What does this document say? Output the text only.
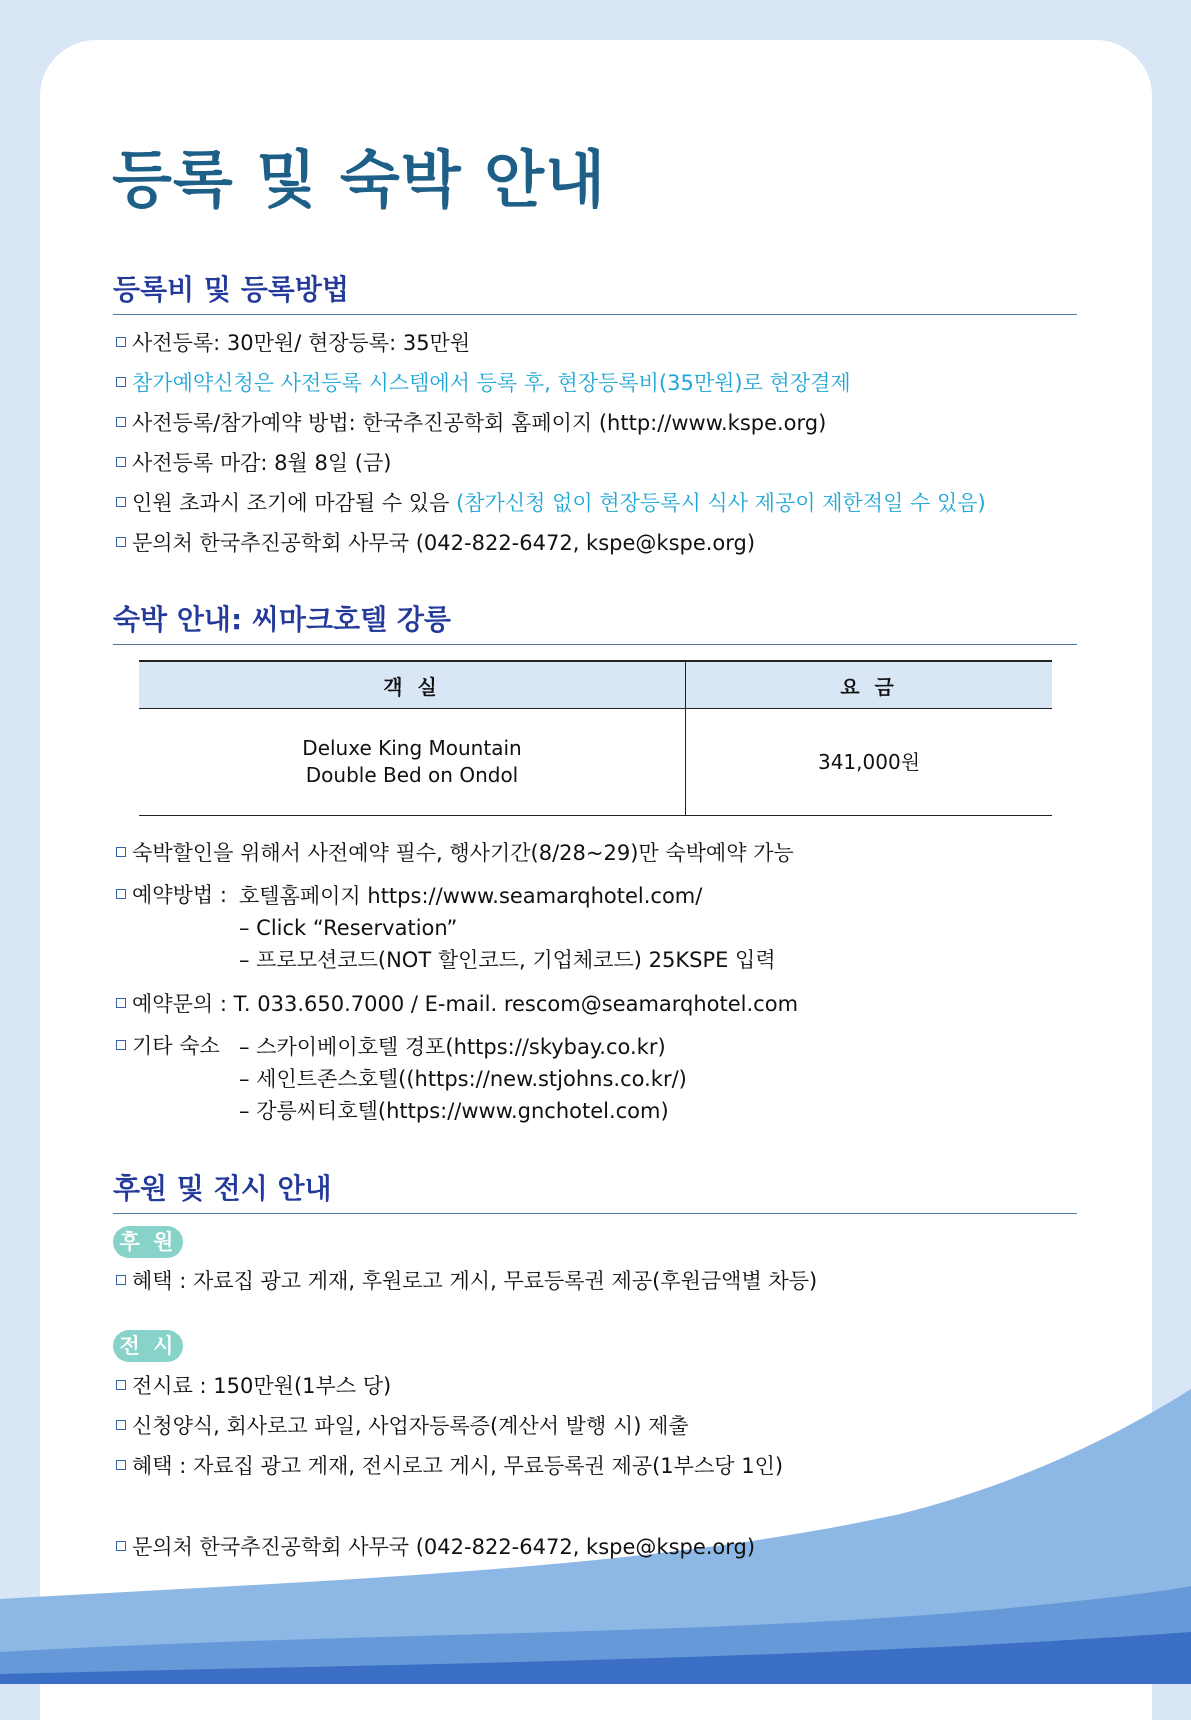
등록 및 숙박 안내
등록비 및 등록방법
사전등록: 30만원/ 현장등록: 35만원
참가예약신청은 사전등록 시스템에서 등록 후, 현장등록비(35만원)로 현장결제
사전등록/참가예약 방법: 한국추진공학회 홈페이지 (http://www.kspe.org)
사전등록 마감: 8월 8일 (금)
인원 초과시 조기에 마감될 수 있음 (참가신청 없이 현장등록시 식사 제공이 제한적일 수 있음)
문의처 한국추진공학회 사무국 (042-822-6472, kspe@kspe.org)
숙박 안내: 씨마크호텔 강릉
객 실	요 금
Deluxe King Mountain
Double Bed on Ondol	341,000원
숙박할인을 위해서 사전예약 필수, 행사기간(8/28~29)만 숙박예약 가능
예약방법 : 호텔홈페이지 https://www.seamarqhotel.com/
– Click “Reservation”
– 프로모션코드(NOT 할인코드, 기업체코드) 25KSPE 입력
예약문의 : T. 033.650.7000 / E-mail. rescom@seamarqhotel.com
기타 숙소 – 스카이베이호텔 경포(https://skybay.co.kr)
– 세인트존스호텔((https://new.stjohns.co.kr/)
– 강릉씨티호텔(https://www.gnchotel.com)
후원 및 전시 안내
후 원
혜택 : 자료집 광고 게재, 후원로고 게시, 무료등록권 제공(후원금액별 차등)
전 시
전시료 : 150만원(1부스 당)
신청양식, 회사로고 파일, 사업자등록증(계산서 발행 시) 제출
혜택 : 자료집 광고 게재, 전시로고 게시, 무료등록권 제공(1부스당 1인)
문의처 한국추진공학회 사무국 (042-822-6472, kspe@kspe.org)
